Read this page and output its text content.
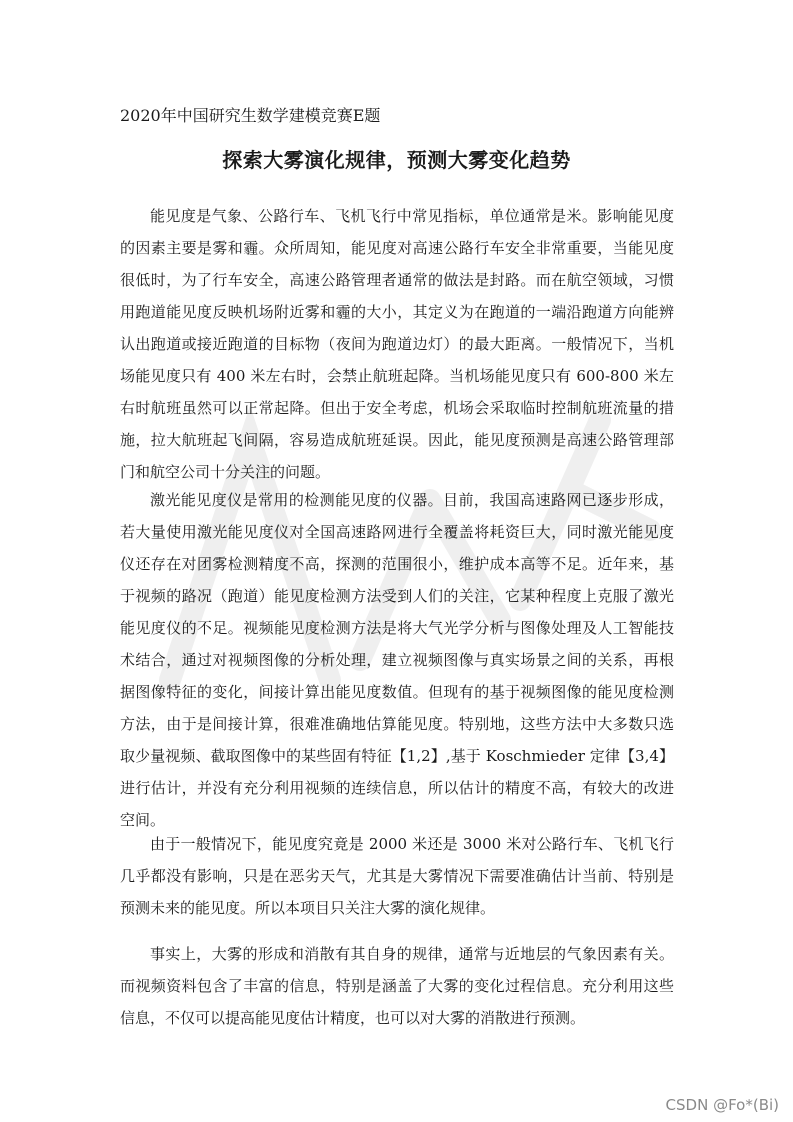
2020年中国研究生数学建模竞赛E题
探索大雾演化规律，预测大雾变化趋势

能见度是气象、公路行车、飞机飞行中常见指标，单位通常是米。影响能见度的因素主要是雾和霾。众所周知，能见度对高速公路行车安全非常重要，当能见度很低时，为了行车安全，高速公路管理者通常的做法是封路。而在航空领域，习惯用跑道能见度反映机场附近雾和霾的大小，其定义为在跑道的一端沿跑道方向能辨认出跑道或接近跑道的目标物（夜间为跑道边灯）的最大距离。一般情况下，当机场能见度只有 400 米左右时，会禁止航班起降。当机场能见度只有 600-800 米左右时航班虽然可以正常起降。但出于安全考虑，机场会采取临时控制航班流量的措施，拉大航班起飞间隔，容易造成航班延误。因此，能见度预测是高速公路管理部门和航空公司十分关注的问题。

激光能见度仪是常用的检测能见度的仪器。目前，我国高速路网已逐步形成，若大量使用激光能见度仪对全国高速路网进行全覆盖将耗资巨大，同时激光能见度仪还存在对团雾检测精度不高，探测的范围很小，维护成本高等不足。近年来，基于视频的路况（跑道）能见度检测方法受到人们的关注，它某种程度上克服了激光能见度仪的不足。视频能见度检测方法是将大气光学分析与图像处理及人工智能技术结合，通过对视频图像的分析处理，建立视频图像与真实场景之间的关系，再根据图像特征的变化，间接计算出能见度数值。但现有的基于视频图像的能见度检测方法，由于是间接计算，很难准确地估算能见度。特别地，这些方法中大多数只选取少量视频、截取图像中的某些固有特征【1,2】,基于 Koschmieder 定律【3,4】进行估计，并没有充分利用视频的连续信息，所以估计的精度不高，有较大的改进空间。

由于一般情况下，能见度究竟是 2000 米还是 3000 米对公路行车、飞机飞行几乎都没有影响，只是在恶劣天气，尤其是大雾情况下需要准确估计当前、特别是预测未来的能见度。所以本项目只关注大雾的演化规律。

事实上，大雾的形成和消散有其自身的规律，通常与近地层的气象因素有关。而视频资料包含了丰富的信息，特别是涵盖了大雾的变化过程信息。充分利用这些信息，不仅可以提高能见度估计精度，也可以对大雾的消散进行预测。

CSDN @Fo*(Bi)
